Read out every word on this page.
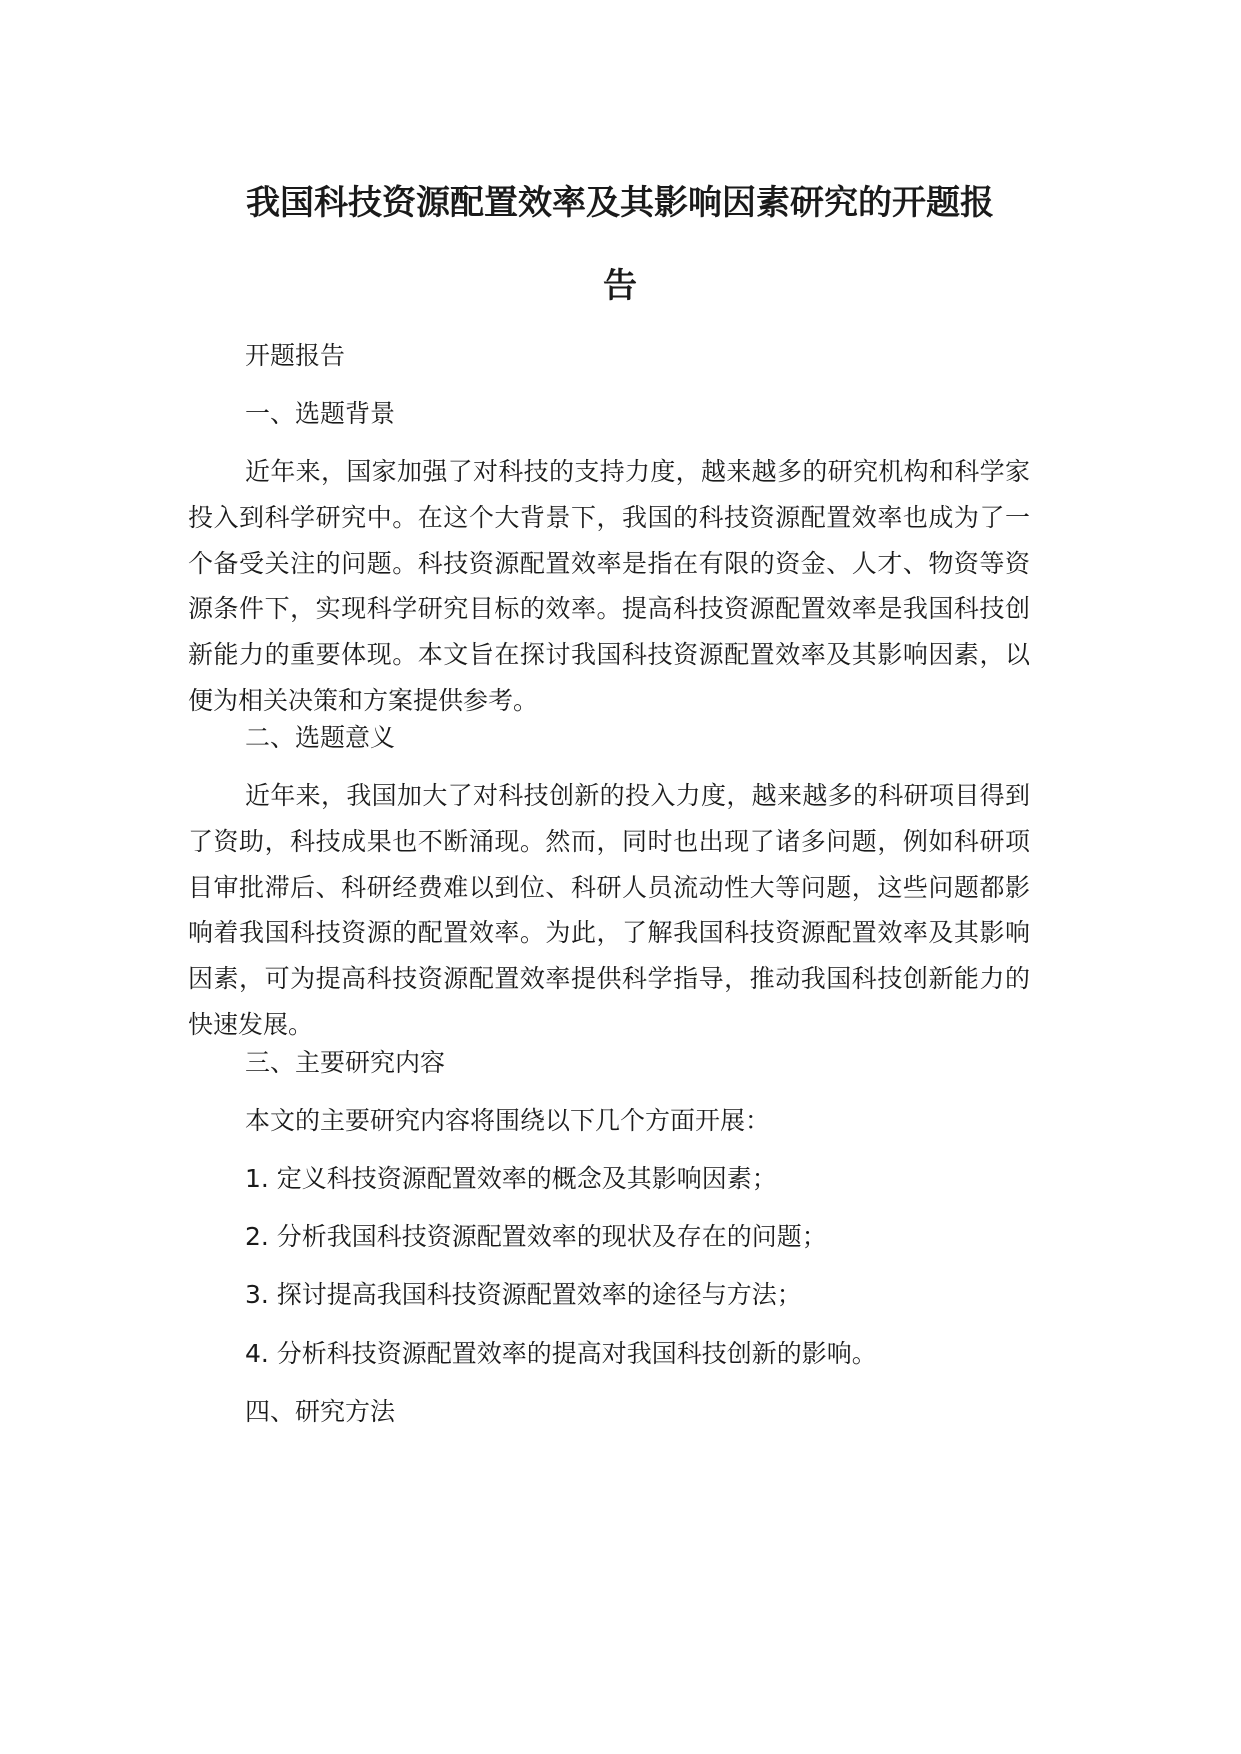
我国科技资源配置效率及其影响因素研究的开题报
告

开题报告

一、选题背景

近年来，国家加强了对科技的支持力度，越来越多的研究机构和科学家投入到科学研究中。在这个大背景下，我国的科技资源配置效率也成为了一个备受关注的问题。科技资源配置效率是指在有限的资金、人才、物资等资源条件下，实现科学研究目标的效率。提高科技资源配置效率是我国科技创新能力的重要体现。本文旨在探讨我国科技资源配置效率及其影响因素，以便为相关决策和方案提供参考。

二、选题意义

近年来，我国加大了对科技创新的投入力度，越来越多的科研项目得到了资助，科技成果也不断涌现。然而，同时也出现了诸多问题，例如科研项目审批滞后、科研经费难以到位、科研人员流动性大等问题，这些问题都影响着我国科技资源的配置效率。为此，了解我国科技资源配置效率及其影响因素，可为提高科技资源配置效率提供科学指导，推动我国科技创新能力的快速发展。

三、主要研究内容

本文的主要研究内容将围绕以下几个方面开展：

1. 定义科技资源配置效率的概念及其影响因素；

2. 分析我国科技资源配置效率的现状及存在的问题；

3. 探讨提高我国科技资源配置效率的途径与方法；

4. 分析科技资源配置效率的提高对我国科技创新的影响。

四、研究方法
